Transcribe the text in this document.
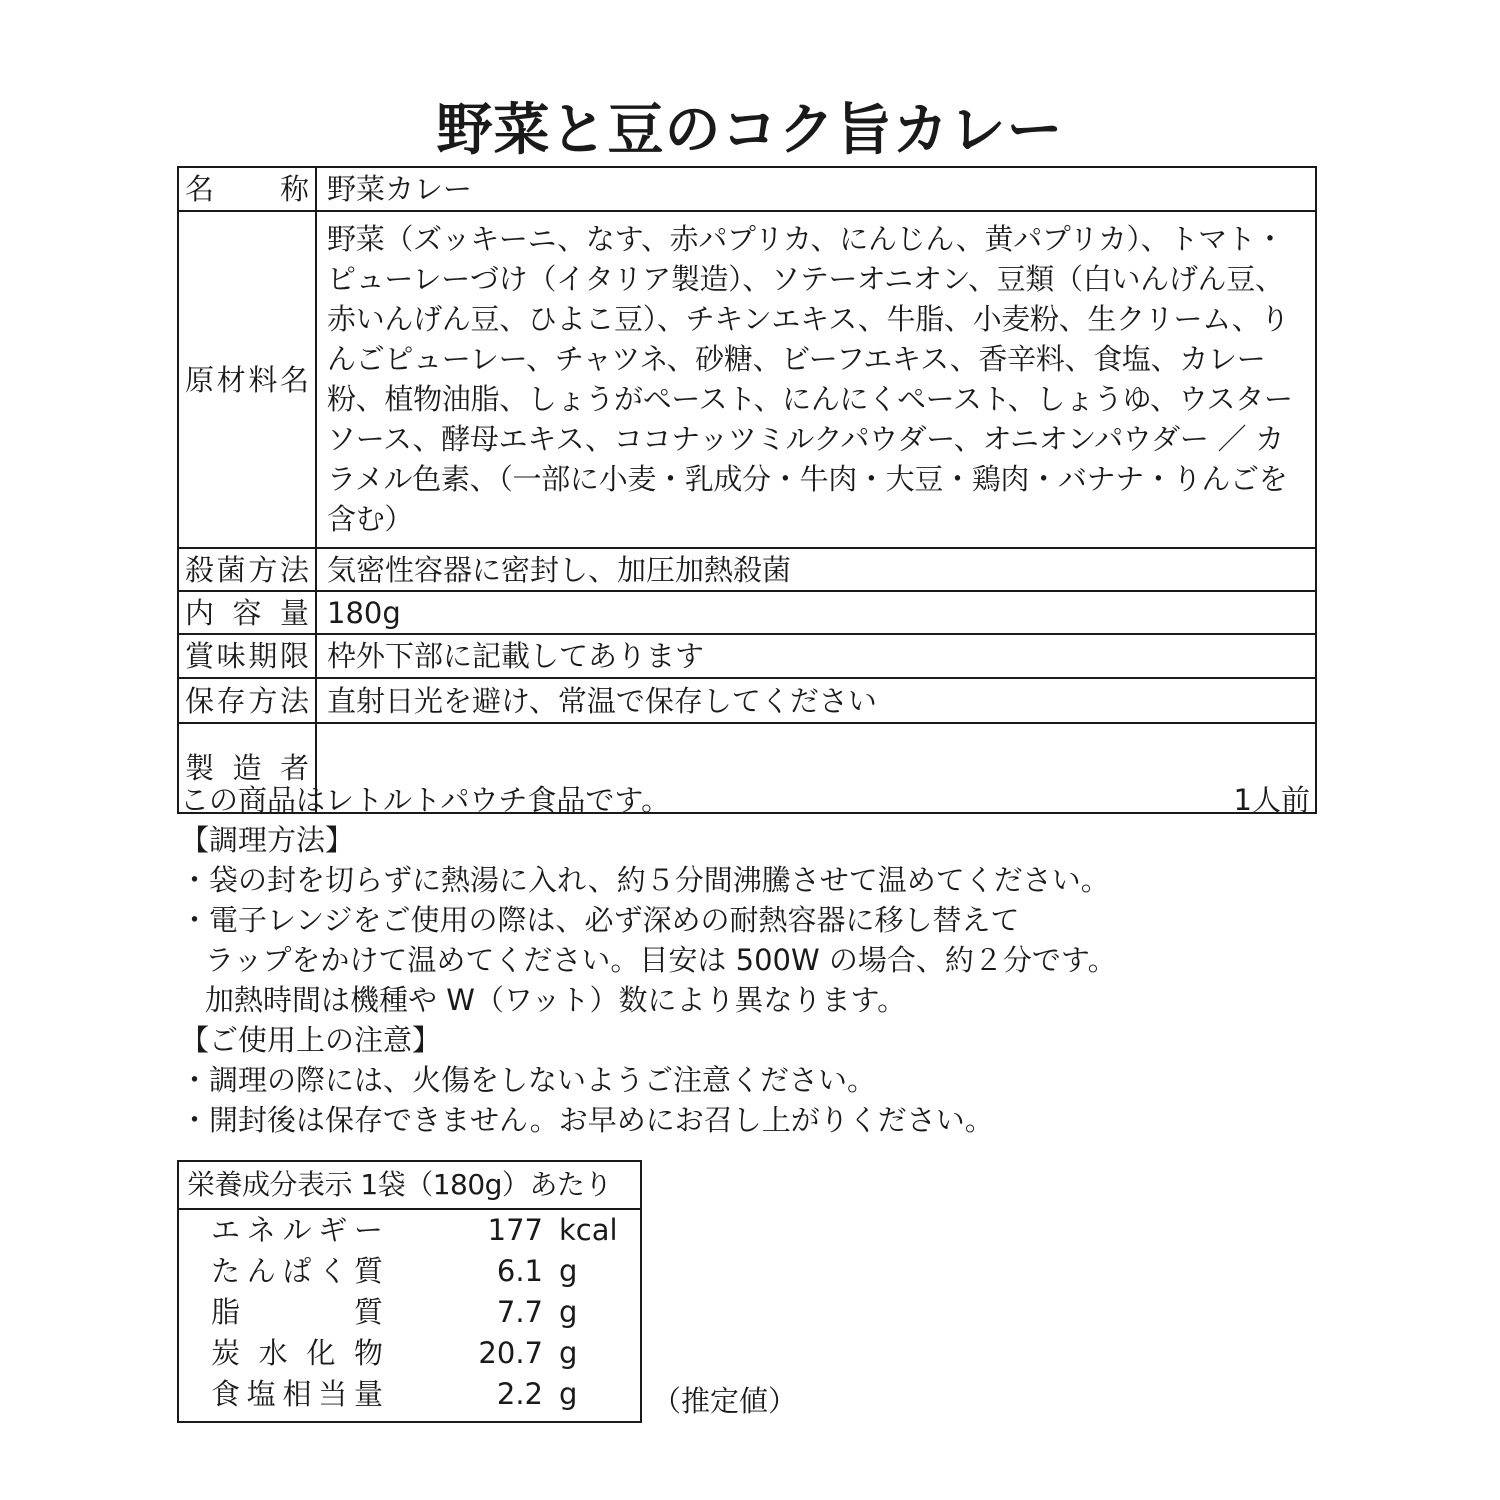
野菜と豆のコク旨カレー
名　称	野菜カレー
原材料名	野菜（ズッキーニ、なす、赤パプリカ、にんじん、黄パプリカ）、トマト・ピューレーづけ（イタリア製造）、ソテーオニオン、豆類（白いんげん豆、赤いんげん豆、ひよこ豆）、チキンエキス、牛脂、小麦粉、生クリーム、りんごピューレー、チャツネ、砂糖、ビーフエキス、香辛料、食塩、カレー粉、植物油脂、しょうがペースト、にんにくペースト、しょうゆ、ウスターソース、酵母エキス、ココナッツミルクパウダー、オニオンパウダー ／ カラメル色素、（一部に小麦・乳成分・牛肉・大豆・鶏肉・バナナ・りんごを含む）
殺菌方法	気密性容器に密封し、加圧加熱殺菌
内容量	180g
賞味期限	枠外下部に記載してあります
保存方法	直射日光を避け、常温で保存してください
製造者	
この商品はレトルトパウチ食品です。	1人前

【調理方法】

・袋の封を切らずに熱湯に入れ、約５分間沸騰させて温めてください。

・電子レンジをご使用の際は、必ず深めの耐熱容器に移し替えて

ラップをかけて温めてください。目安は 500W の場合、約２分です。

加熱時間は機種や W（ワット）数により異なります。

【ご使用上の注意】

・調理の際には、火傷をしないようご注意ください。

・開封後は保存できません。お早めにお召し上がりください。

栄養成分表示 1袋（180g）あたり
エネルギー	177 kcal
たんぱく質	6.1 g
脂質	7.7 g
炭水化物	20.7 g
食塩相当量	2.2 g	（推定値）
